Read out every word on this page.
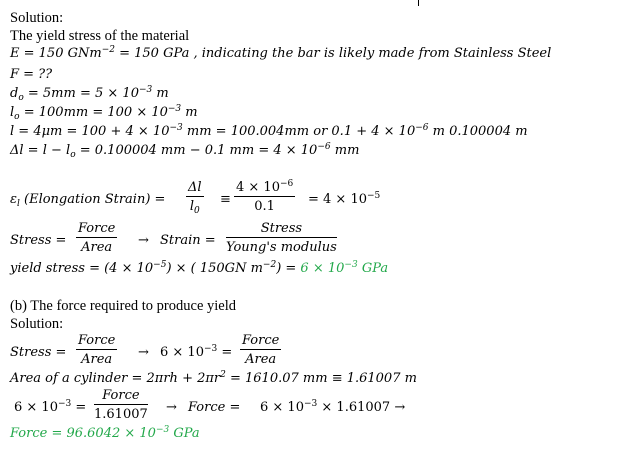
Solution:
The yield stress of the material
E = 150 GNm$^{-2}$ = 150 GPa , indicating the bar is likely made from Stainless Steel
F = ??
$d_o = 5mm = 5 \times 10^{-3}$ m
$l_o = 100mm = 100 \times 10^{-3}$ m
$l = 4\mu m = 100 + 4 \times 10^{-3}$ mm = 100.004mm or $0.1 + 4 \times 10^{-6}$ m 0.100004 m
$\Delta l = l - l_o = 0.100004$ mm − 0.1 mm = $4 \times 10^{-6}$ mm
$\varepsilon_l$ (Elongation Strain) = $\frac{\Delta l}{l_0} \equiv \frac{4 \times 10^{-6}}{0.1} = 4 \times 10^{-5}$
Stress =
Force
Area	→ Strain =
Stress
Young's modulus
yield stress = $(4 \times 10^{-5})$ × ( 150GN $m^{-2}) = 6 \times 10^{-3}$ GPa
(b) The force required to produce yield
Solution:
Stress =
Force
Area	→ $6 \times 10^{-3}$ =
Force
Area
Area of a cylinder = $2\pi rh + 2\pi r^2 = 1610.07$ mm ≡ 1.61007 m
$6 \times 10^{-3}$ =
Force
1.61007 → Force = $6 \times 10^{-3} \times 1.61007$ →
Force = $96.6042 \times 10^{-3}$ GPa
